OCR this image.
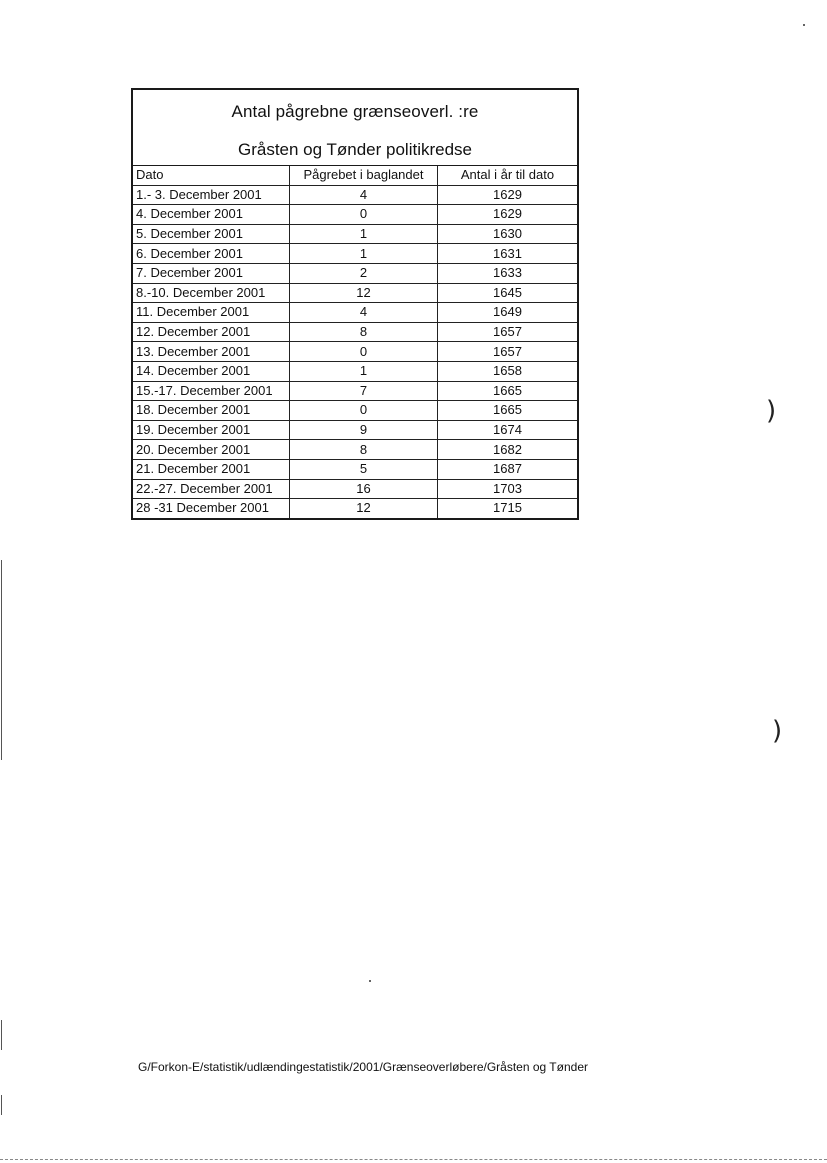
Antal pågrebne grænseoverl. :re
Gråsten og Tønder politikredse
Dato	Pågrebet i baglandet	Antal i år til dato
1.- 3. December 2001	4	1629
4. December 2001	0	1629
5. December 2001	1	1630
6. December 2001	1	1631
7. December 2001	2	1633
8.-10. December 2001	12	1645
11. December 2001	4	1649
12. December 2001	8	1657
13. December 2001	0	1657
14. December 2001	1	1658
15.-17. December 2001	7	1665
18. December 2001	0	1665
19. December 2001	9	1674
20. December 2001	8	1682
21. December 2001	5	1687
22.-27. December 2001	16	1703
28 -31 December 2001	12	1715
G/Forkon-E/statistik/udlændingestatistik/2001/Grænseoverløbere/Gråsten og Tønder
)
)
